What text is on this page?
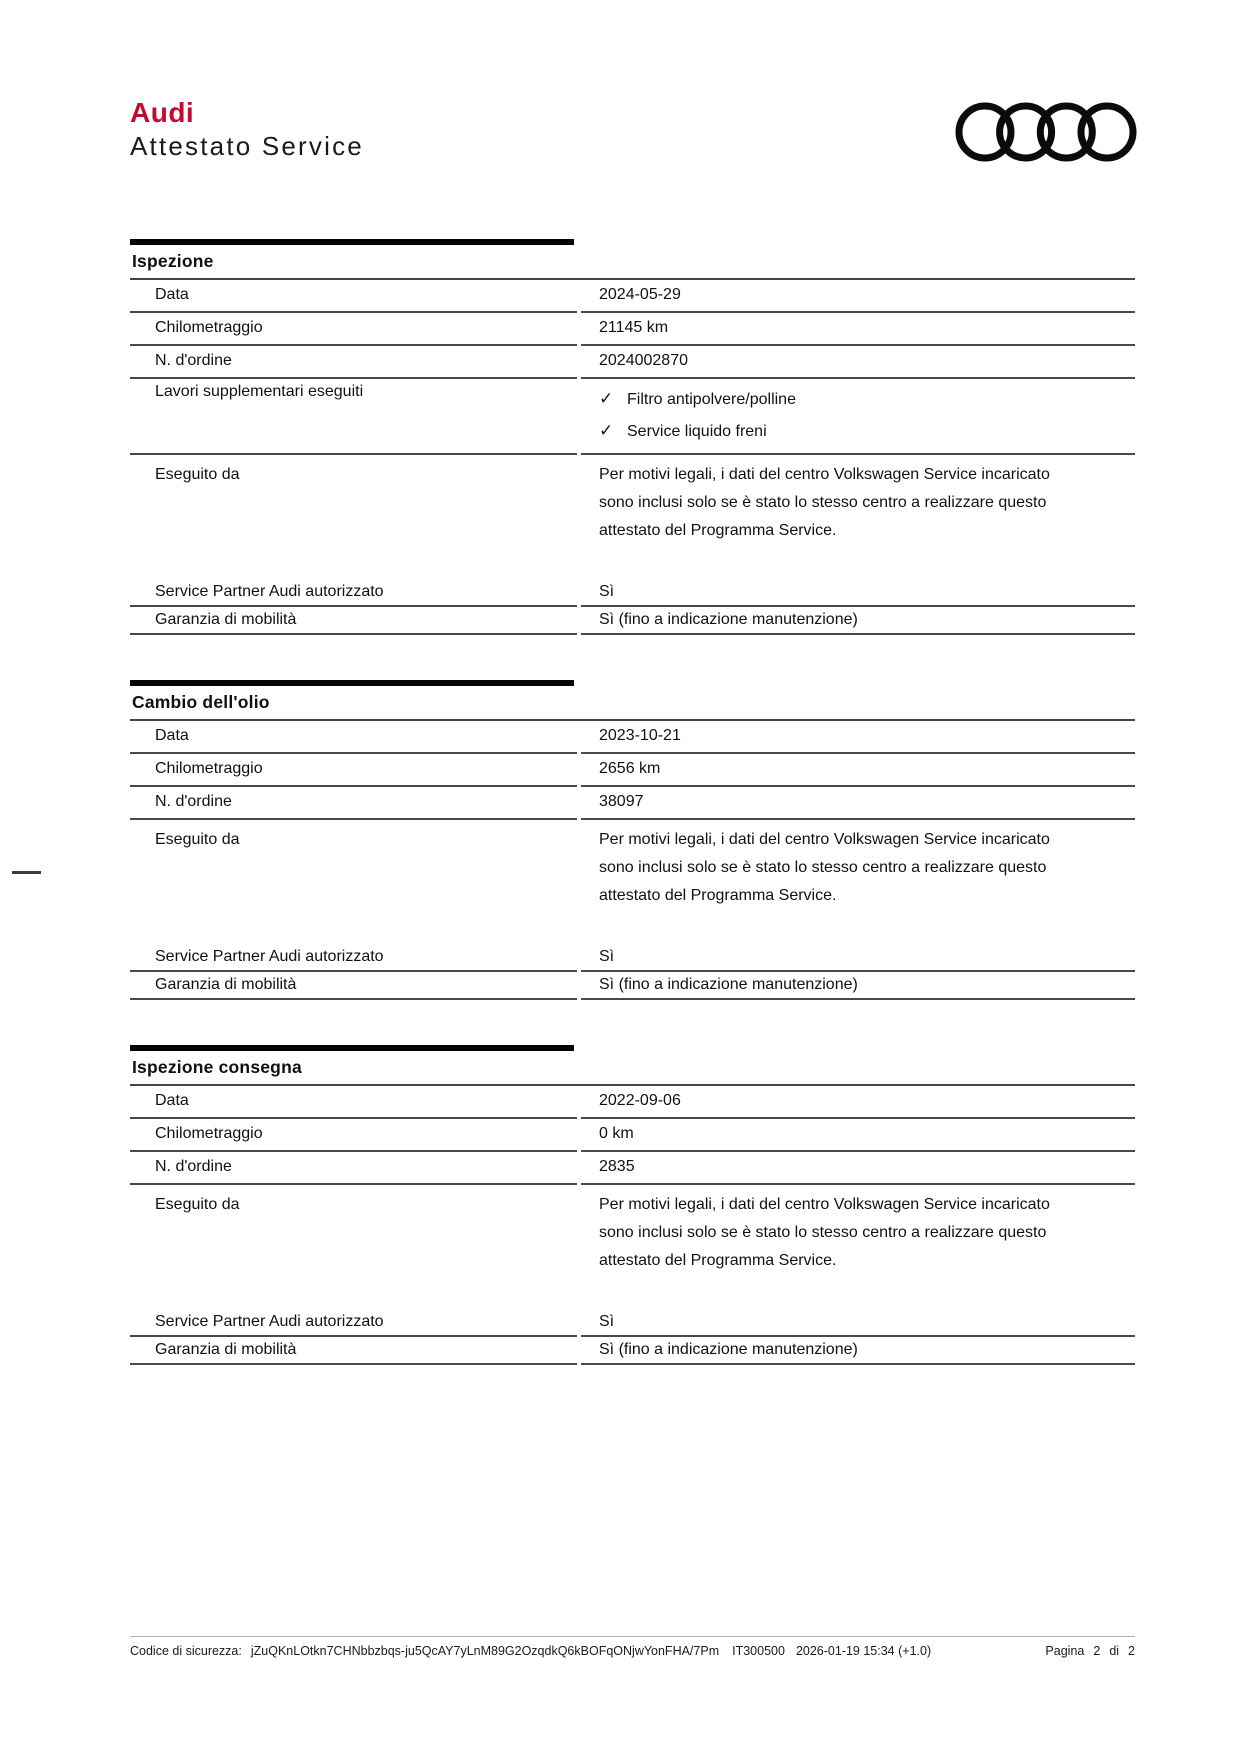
Audi
Attestato Service
Ispezione
Data	2024-05-29
Chilometraggio	21145 km
N. d'ordine	2024002870
Lavori supplementari eseguiti	✓ Filtro antipolvere/polline
✓ Service liquido freni
Eseguito da	Per motivi legali, i dati del centro Volkswagen Service incaricato
sono inclusi solo se è stato lo stesso centro a realizzare questo
attestato del Programma Service.
Service Partner Audi autorizzato	Sì
Garanzia di mobilità	Sì (fino a indicazione manutenzione)
Cambio dell'olio
Data	2023-10-21
Chilometraggio	2656 km
N. d'ordine	38097
Eseguito da	Per motivi legali, i dati del centro Volkswagen Service incaricato
sono inclusi solo se è stato lo stesso centro a realizzare questo
attestato del Programma Service.
Service Partner Audi autorizzato	Sì
Garanzia di mobilità	Sì (fino a indicazione manutenzione)
Ispezione consegna
Data	2022-09-06
Chilometraggio	0 km
N. d'ordine	2835
Eseguito da	Per motivi legali, i dati del centro Volkswagen Service incaricato
sono inclusi solo se è stato lo stesso centro a realizzare questo
attestato del Programma Service.
Service Partner Audi autorizzato	Sì
Garanzia di mobilità	Sì (fino a indicazione manutenzione)
Codice di sicurezza: jZuQKnLOtkn7CHNbbzbqs-ju5QcAY7yLnM89G2OzqdkQ6kBOFqONjwYonFHA/7Pm IT300500 2026-01-19 15:34 (+1.0)	Pagina 2 di 2
